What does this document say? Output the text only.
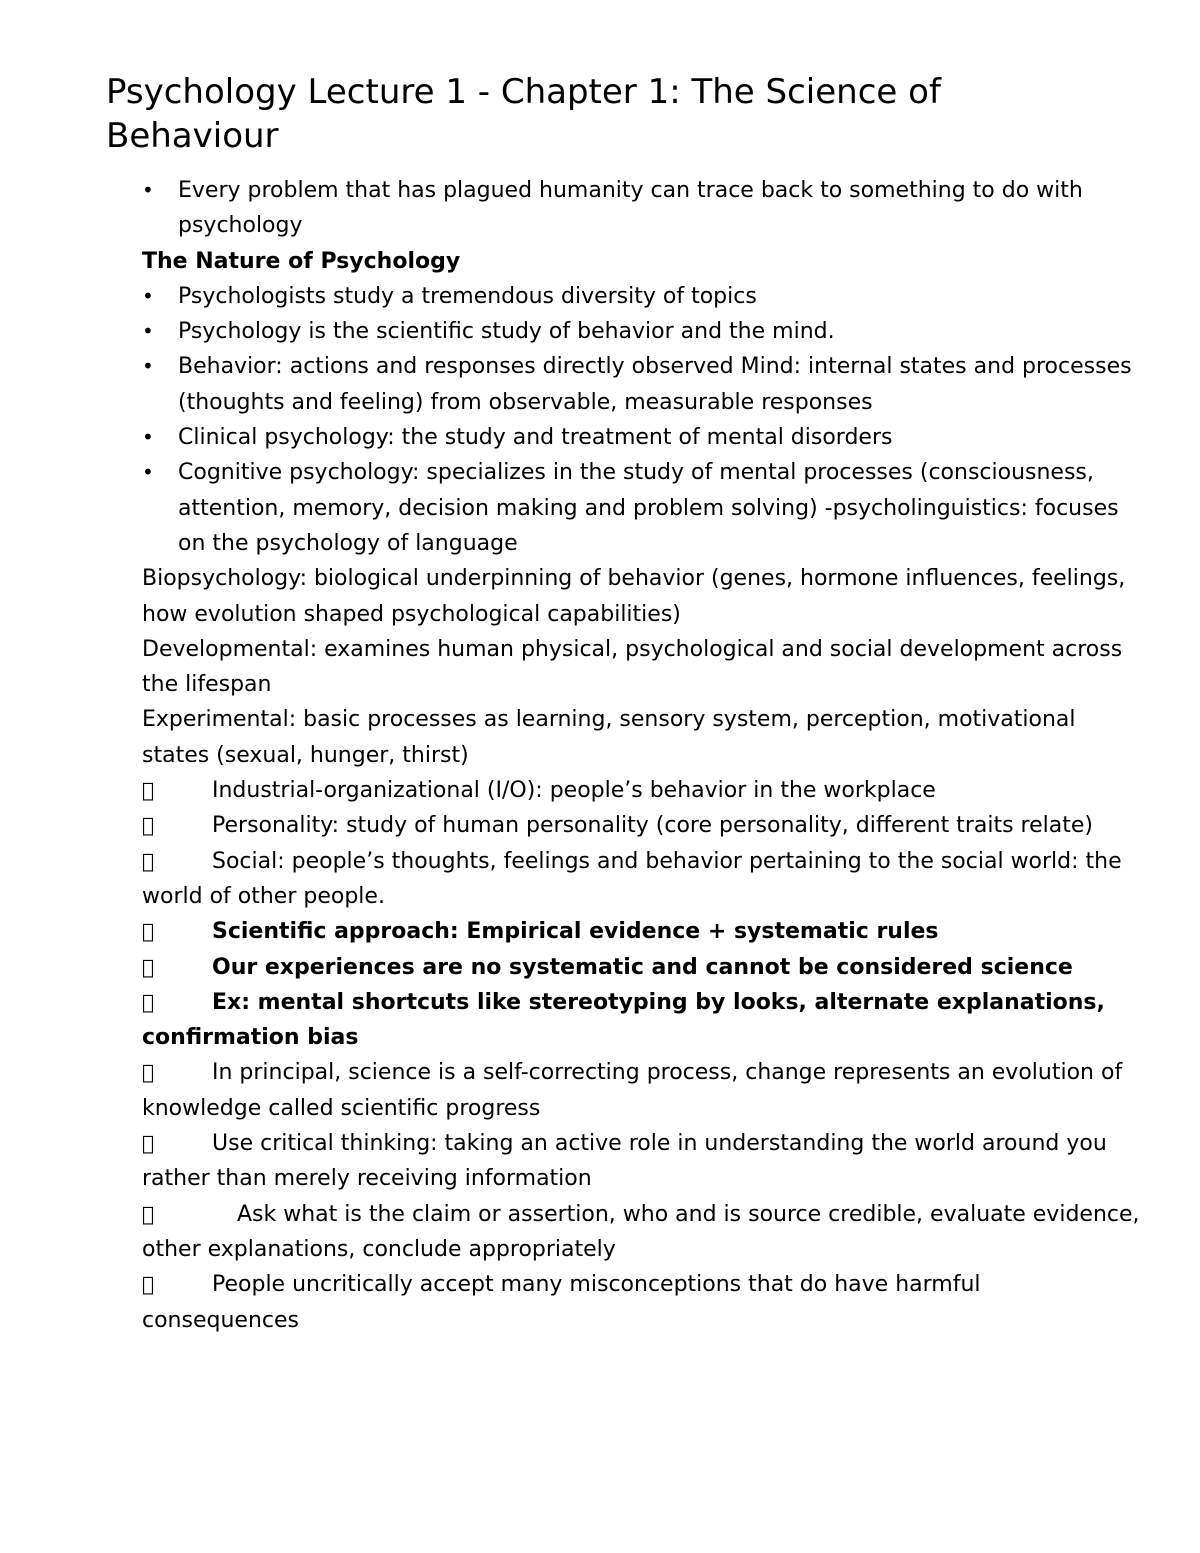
Psychology Lecture 1 - Chapter 1: The Science of Behaviour
• Every problem that has plagued humanity can trace back to something to do with psychology
The Nature of Psychology
• Psychologists study a tremendous diversity of topics
• Psychology is the scientific study of behavior and the mind.
• Behavior: actions and responses directly observed Mind: internal states and processes (thoughts and feeling) from observable, measurable responses
• Clinical psychology: the study and treatment of mental disorders
• Cognitive psychology: specializes in the study of mental processes (consciousness, attention, memory, decision making and problem solving) -psycholinguistics: focuses on the psychology of language
Biopsychology: biological underpinning of behavior (genes, hormone influences, feelings, how evolution shaped psychological capabilities)
Developmental: examines human physical, psychological and social development across the lifespan
Experimental: basic processes as learning, sensory system, perception, motivational states (sexual, hunger, thirst)
Industrial-organizational (I/O): people’s behavior in the workplace
Personality: study of human personality (core personality, different traits relate)
Social: people’s thoughts, feelings and behavior pertaining to the social world: the world of other people.
Scientific approach: Empirical evidence + systematic rules
Our experiences are no systematic and cannot be considered science
Ex: mental shortcuts like stereotyping by looks, alternate explanations, confirmation bias
In principal, science is a self-correcting process, change represents an evolution of knowledge called scientific progress
Use critical thinking: taking an active role in understanding the world around you rather than merely receiving information
Ask what is the claim or assertion, who and is source credible, evaluate evidence, other explanations, conclude appropriately
People uncritically accept many misconceptions that do have harmful consequences
